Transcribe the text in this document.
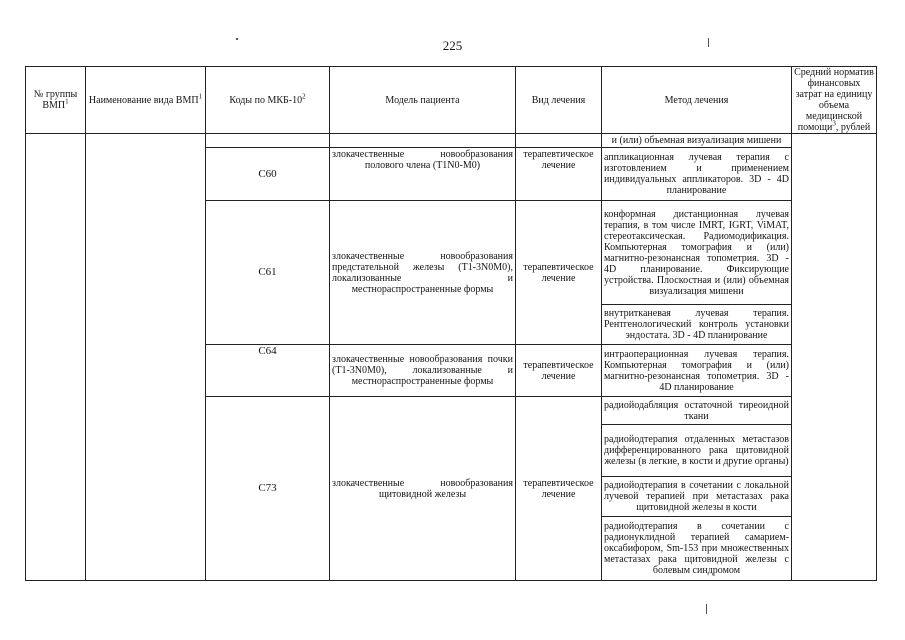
225
№ группы ВМП$^1$	Наименование вида ВМП$^1$	Коды по МКБ-$10^2$	Модель пациента	Вид лечения	Метод лечения	Средний норматив финансовых затрат на единицу объема медицинской помощи$^3$, рублей
					и (или) объемная визуализация мишени	
		C60	злокачественные новообразования полового члена (T1N0-M0)	терапевтическое лечение	аппликационная лучевая терапия с изготовлением и применением индивидуальных аппликаторов. 3D - 4D планирование	
		C61	злокачественные новообразования предстательной железы (T1-3N0M0), локализованные и местнораспространенные формы	терапевтическое лечение	конформная дистанционная лучевая терапия, в том числе IMRT, IGRT, ViMAT, стереотаксическая. Радиомодификация. Компьютерная томография и (или) магнитно-резонансная топометрия. 3D - 4D планирование. Фиксирующие устройства. Плоскостная и (или) объемная визуализация мишени	
					внутритканевая лучевая терапия. Рентгенологический контроль установки эндостата. 3D - 4D планирование	
		C64	злокачественные новообразования почки (T1-3N0M0), локализованные и местнораспространенные формы	терапевтическое лечение	интраоперационная лучевая терапия. Компьютерная томография и (или) магнитно-резонансная топометрия. 3D - 4D планирование	
		C73	злокачественные новообразования щитовидной железы	терапевтическое лечение	радиойодабляция остаточной тиреоидной ткани	
					радиойодтерапия отдаленных метастазов дифференцированного рака щитовидной железы (в легкие, в кости и другие органы)	
					радиойодтерапия в сочетании с локальной лучевой терапией при метастазах рака щитовидной железы в кости	
					радиойодтерапия в сочетании с радионуклидной терапией самарием-оксабифором, Sm-153 при множественных метастазах рака щитовидной железы с болевым синдромом	
